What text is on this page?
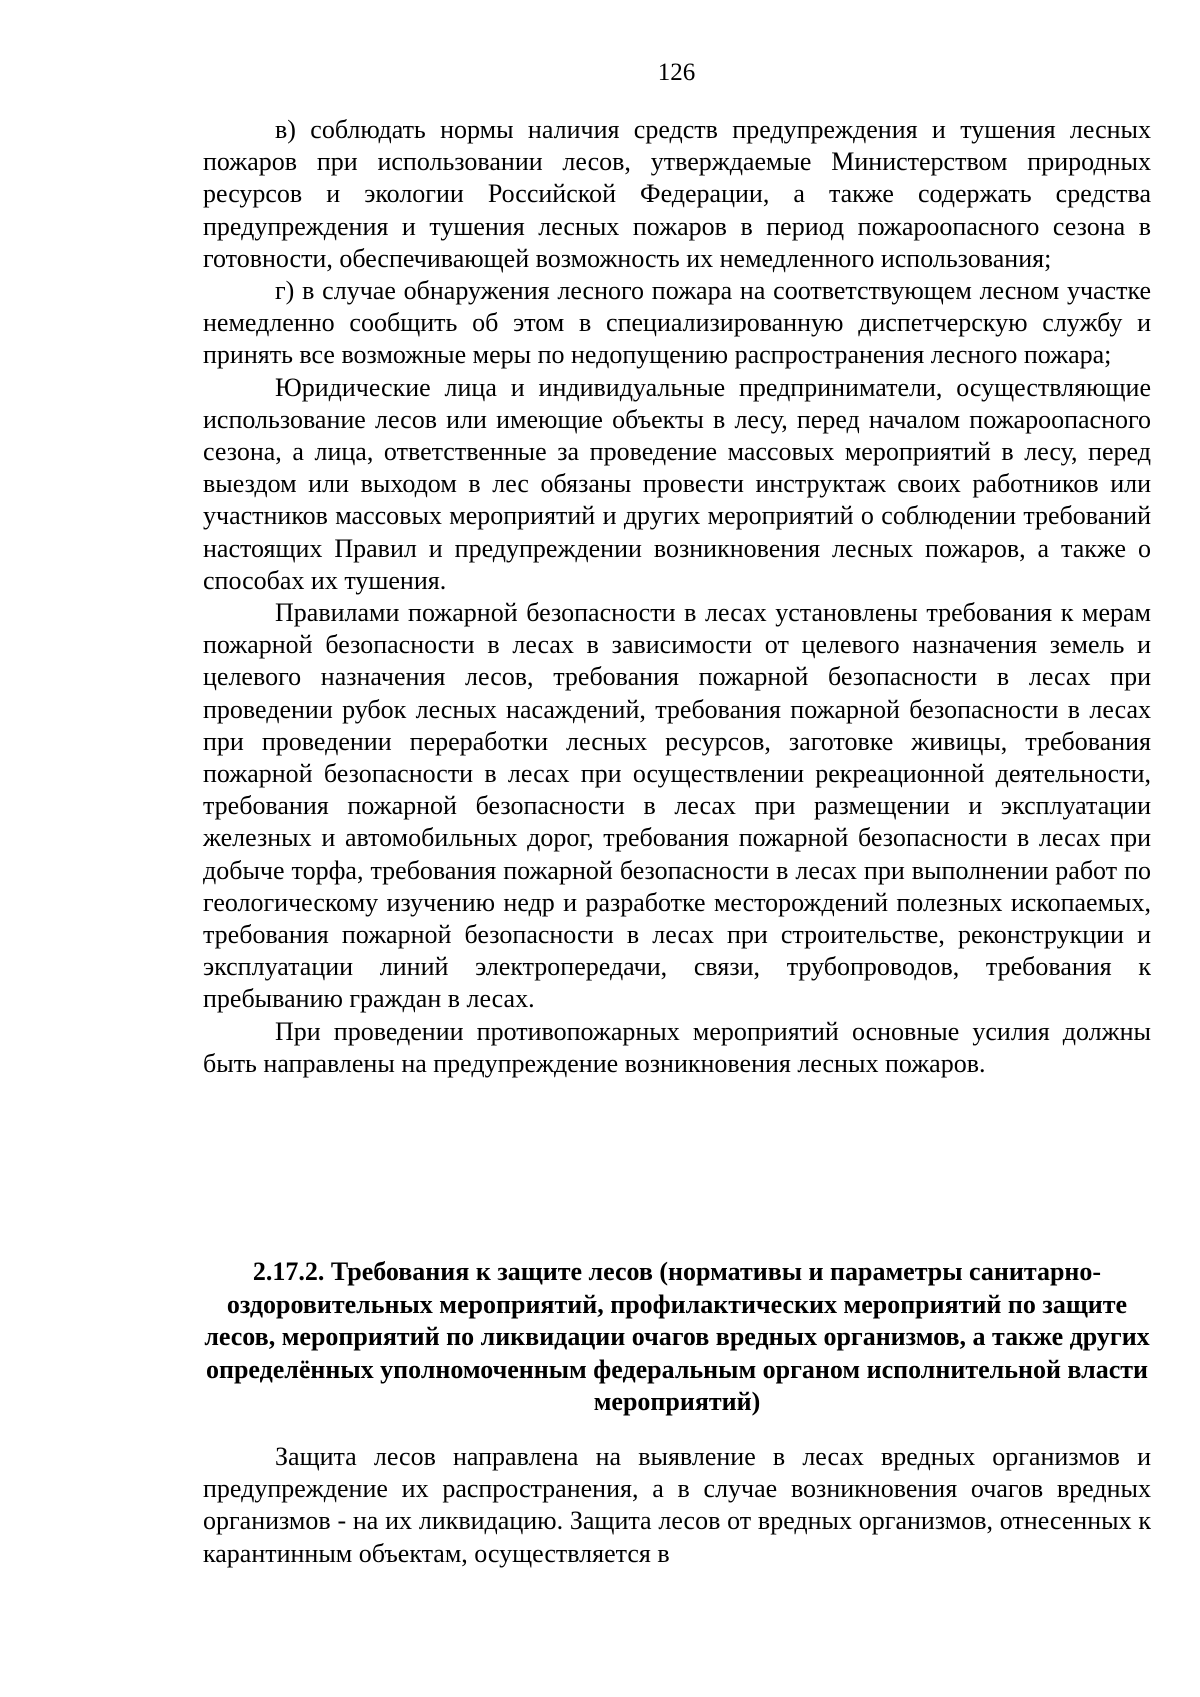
126

в) соблюдать нормы наличия средств предупреждения и тушения лесных пожаров при использовании лесов, утверждаемые Министерством природных ресурсов и экологии Российской Федерации, а также содержать средства предупреждения и тушения лесных пожаров в период пожароопасного сезона в готовности, обеспечивающей возможность их немедленного использования;

г) в случае обнаружения лесного пожара на соответствующем лесном участке немедленно сообщить об этом в специализированную диспетчерскую службу и принять все возможные меры по недопущению распространения лесного пожара;

Юридические лица и индивидуальные предприниматели, осуществляющие использование лесов или имеющие объекты в лесу, перед началом пожароопасного сезона, а лица, ответственные за проведение массовых мероприятий в лесу, перед выездом или выходом в лес обязаны провести инструктаж своих работников или участников массовых мероприятий и других мероприятий о соблюдении требований настоящих Правил и предупреждении возникновения лесных пожаров, а также о способах их тушения.

Правилами пожарной безопасности в лесах установлены требования к мерам пожарной безопасности в лесах в зависимости от целевого назначения земель и целевого назначения лесов, требования пожарной безопасности в лесах при проведении рубок лесных насаждений, требования пожарной безопасности в лесах при проведении переработки лесных ресурсов, заготовке живицы, требования пожарной безопасности в лесах при осуществлении рекреационной деятельности, требования пожарной безопасности в лесах при размещении и эксплуатации железных и автомобильных дорог, требования пожарной безопасности в лесах при добыче торфа, требования пожарной безопасности в лесах при выполнении работ по геологическому изучению недр и разработке месторождений полезных ископаемых, требования пожарной безопасности в лесах при строительстве, реконструкции и эксплуатации линий электропередачи, связи, трубопроводов, требования к пребыванию граждан в лесах.

При проведении противопожарных мероприятий основные усилия должны быть направлены на предупреждение возникновения лесных пожаров.

2.17.2. Требования к защите лесов (нормативы и параметры санитарно-оздоровительных мероприятий, профилактических мероприятий по защите лесов, мероприятий по ликвидации очагов вредных организмов, а также других определённых уполномоченным федеральным органом исполнительной власти мероприятий)

Защита лесов направлена на выявление в лесах вредных организмов и предупреждение их распространения, а в случае возникновения очагов вредных организмов - на их ликвидацию. Защита лесов от вредных организмов, отнесенных к карантинным объектам, осуществляется в
